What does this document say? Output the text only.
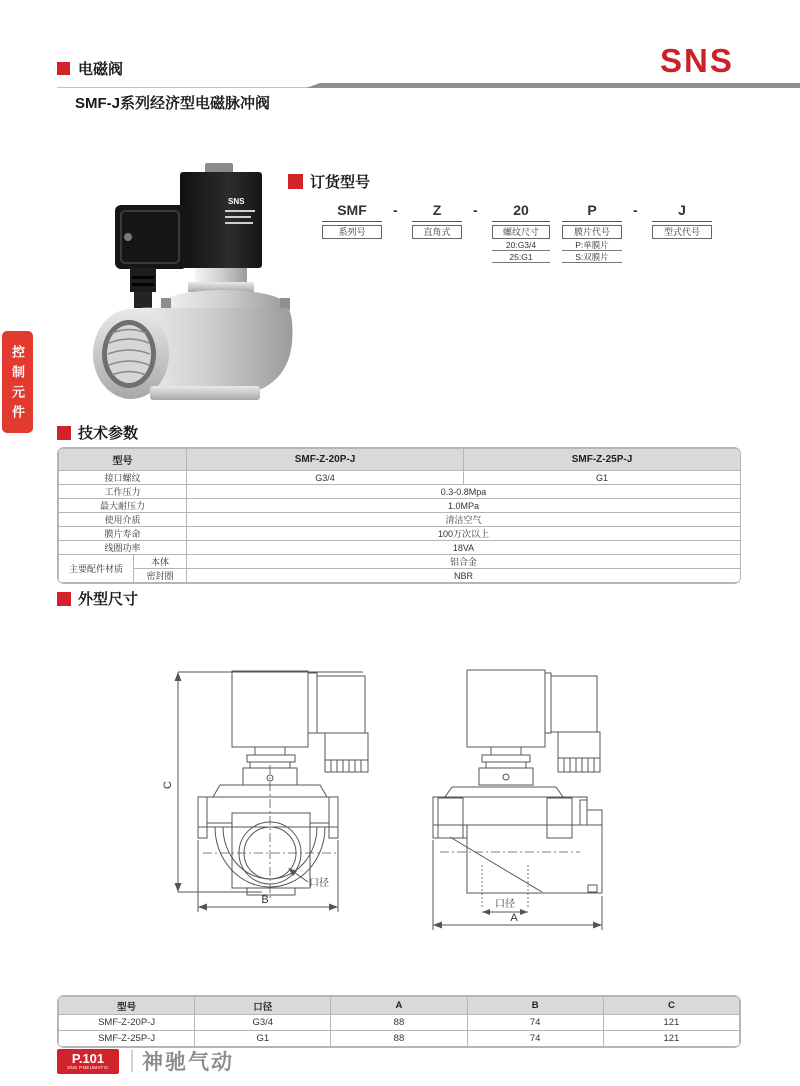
电磁阀	SNS
SMF-J系列经济型电磁脉冲阀
控制元件
SNS
订货型号
SMF
系列号
-	Z
直角式
-	20
螺纹尺寸
20:G3/4
25:G1
P
膜片代号
P:单膜片
S:双膜片
-	J
型式代号
技术参数
型号		SMF-Z-20P-J	SMF-Z-25P-J
接口螺纹		G3/4	G1
工作压力		0.3-0.8Mpa	
最大耐压力		1.0MPa	
使用介质		清洁空气	
膜片寿命		100万次以上	
线圈功率		18VA	
主要配件材质	本体	铝合金	
	密封圈	NBR	
外型尺寸
C
口径
B	口径
A
型号	口径	A	B	C
SMF-Z-20P-J	G3/4	88	74	121
SMF-Z-25P-J	G1	88	74	121
P.101
SNS PNEUMATIC 神驰气动
